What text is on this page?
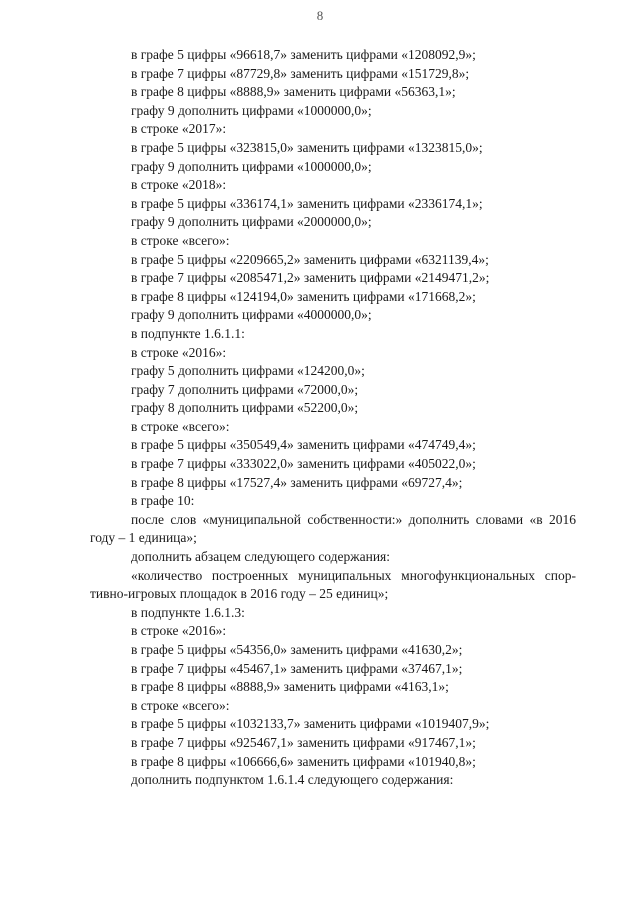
8
в графе 5 цифры «96618,7» заменить цифрами «1208092,9»;
в графе 7 цифры «87729,8» заменить цифрами «151729,8»;
в графе 8 цифры «8888,9» заменить цифрами «56363,1»;
графу 9 дополнить цифрами «1000000,0»;
в строке «2017»:
в графе 5 цифры «323815,0» заменить цифрами «1323815,0»;
графу 9 дополнить цифрами «1000000,0»;
в строке «2018»:
в графе 5 цифры «336174,1» заменить цифрами «2336174,1»;
графу 9 дополнить цифрами «2000000,0»;
в строке «всего»:
в графе 5 цифры «2209665,2» заменить цифрами «6321139,4»;
в графе 7 цифры «2085471,2» заменить цифрами «2149471,2»;
в графе 8 цифры «124194,0» заменить цифрами «171668,2»;
графу 9 дополнить цифрами «4000000,0»;
в подпункте 1.6.1.1:
в строке «2016»:
графу 5 дополнить цифрами «124200,0»;
графу 7 дополнить цифрами «72000,0»;
графу 8 дополнить цифрами «52200,0»;
в строке «всего»:
в графе 5 цифры «350549,4» заменить цифрами «474749,4»;
в графе 7 цифры «333022,0» заменить цифрами «405022,0»;
в графе 8 цифры «17527,4» заменить цифрами «69727,4»;
в графе 10:
после слов «муниципальной собственности:» дополнить словами «в 2016
году – 1 единица»;
дополнить абзацем следующего содержания:
«количество построенных муниципальных многофункциональных спор-
тивно-игровых площадок в 2016 году – 25 единиц»;
в подпункте 1.6.1.3:
в строке «2016»:
в графе 5 цифры «54356,0» заменить цифрами «41630,2»;
в графе 7 цифры «45467,1» заменить цифрами «37467,1»;
в графе 8 цифры «8888,9» заменить цифрами «4163,1»;
в строке «всего»:
в графе 5 цифры «1032133,7» заменить цифрами «1019407,9»;
в графе 7 цифры «925467,1» заменить цифрами «917467,1»;
в графе 8 цифры «106666,6» заменить цифрами «101940,8»;
дополнить подпунктом 1.6.1.4 следующего содержания:
